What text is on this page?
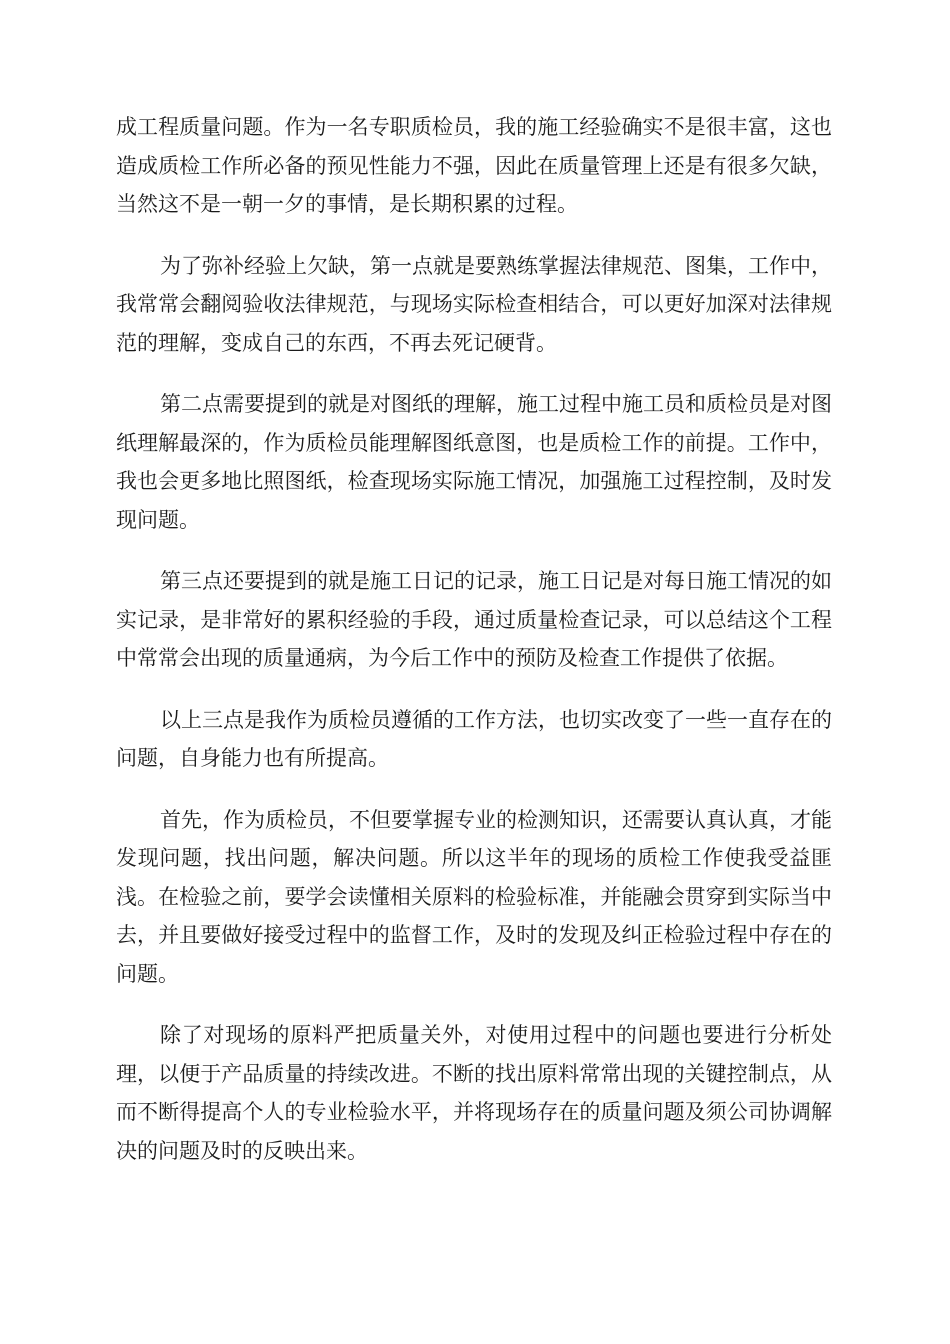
成工程质量问题。作为一名专职质检员，我的施工经验确实不是很丰富，这也造成质检工作所必备的预见性能力不强，因此在质量管理上还是有很多欠缺，当然这不是一朝一夕的事情，是长期积累的过程。

为了弥补经验上欠缺，第一点就是要熟练掌握法律规范、图集，工作中，我常常会翻阅验收法律规范，与现场实际检查相结合，可以更好加深对法律规范的理解，变成自己的东西，不再去死记硬背。

第二点需要提到的就是对图纸的理解，施工过程中施工员和质检员是对图纸理解最深的，作为质检员能理解图纸意图，也是质检工作的前提。工作中，我也会更多地比照图纸，检查现场实际施工情况，加强施工过程控制，及时发现问题。

第三点还要提到的就是施工日记的记录，施工日记是对每日施工情况的如实记录，是非常好的累积经验的手段，通过质量检查记录，可以总结这个工程中常常会出现的质量通病，为今后工作中的预防及检查工作提供了依据。

以上三点是我作为质检员遵循的工作方法，也切实改变了一些一直存在的问题，自身能力也有所提高。

首先，作为质检员，不但要掌握专业的检测知识，还需要认真认真，才能发现问题，找出问题，解决问题。所以这半年的现场的质检工作使我受益匪浅。在检验之前，要学会读懂相关原料的检验标准，并能融会贯穿到实际当中去，并且要做好接受过程中的监督工作，及时的发现及纠正检验过程中存在的问题。

除了对现场的原料严把质量关外，对使用过程中的问题也要进行分析处理，以便于产品质量的持续改进。不断的找出原料常常出现的关键控制点，从而不断得提高个人的专业检验水平，并将现场存在的质量问题及须公司协调解决的问题及时的反映出来。
